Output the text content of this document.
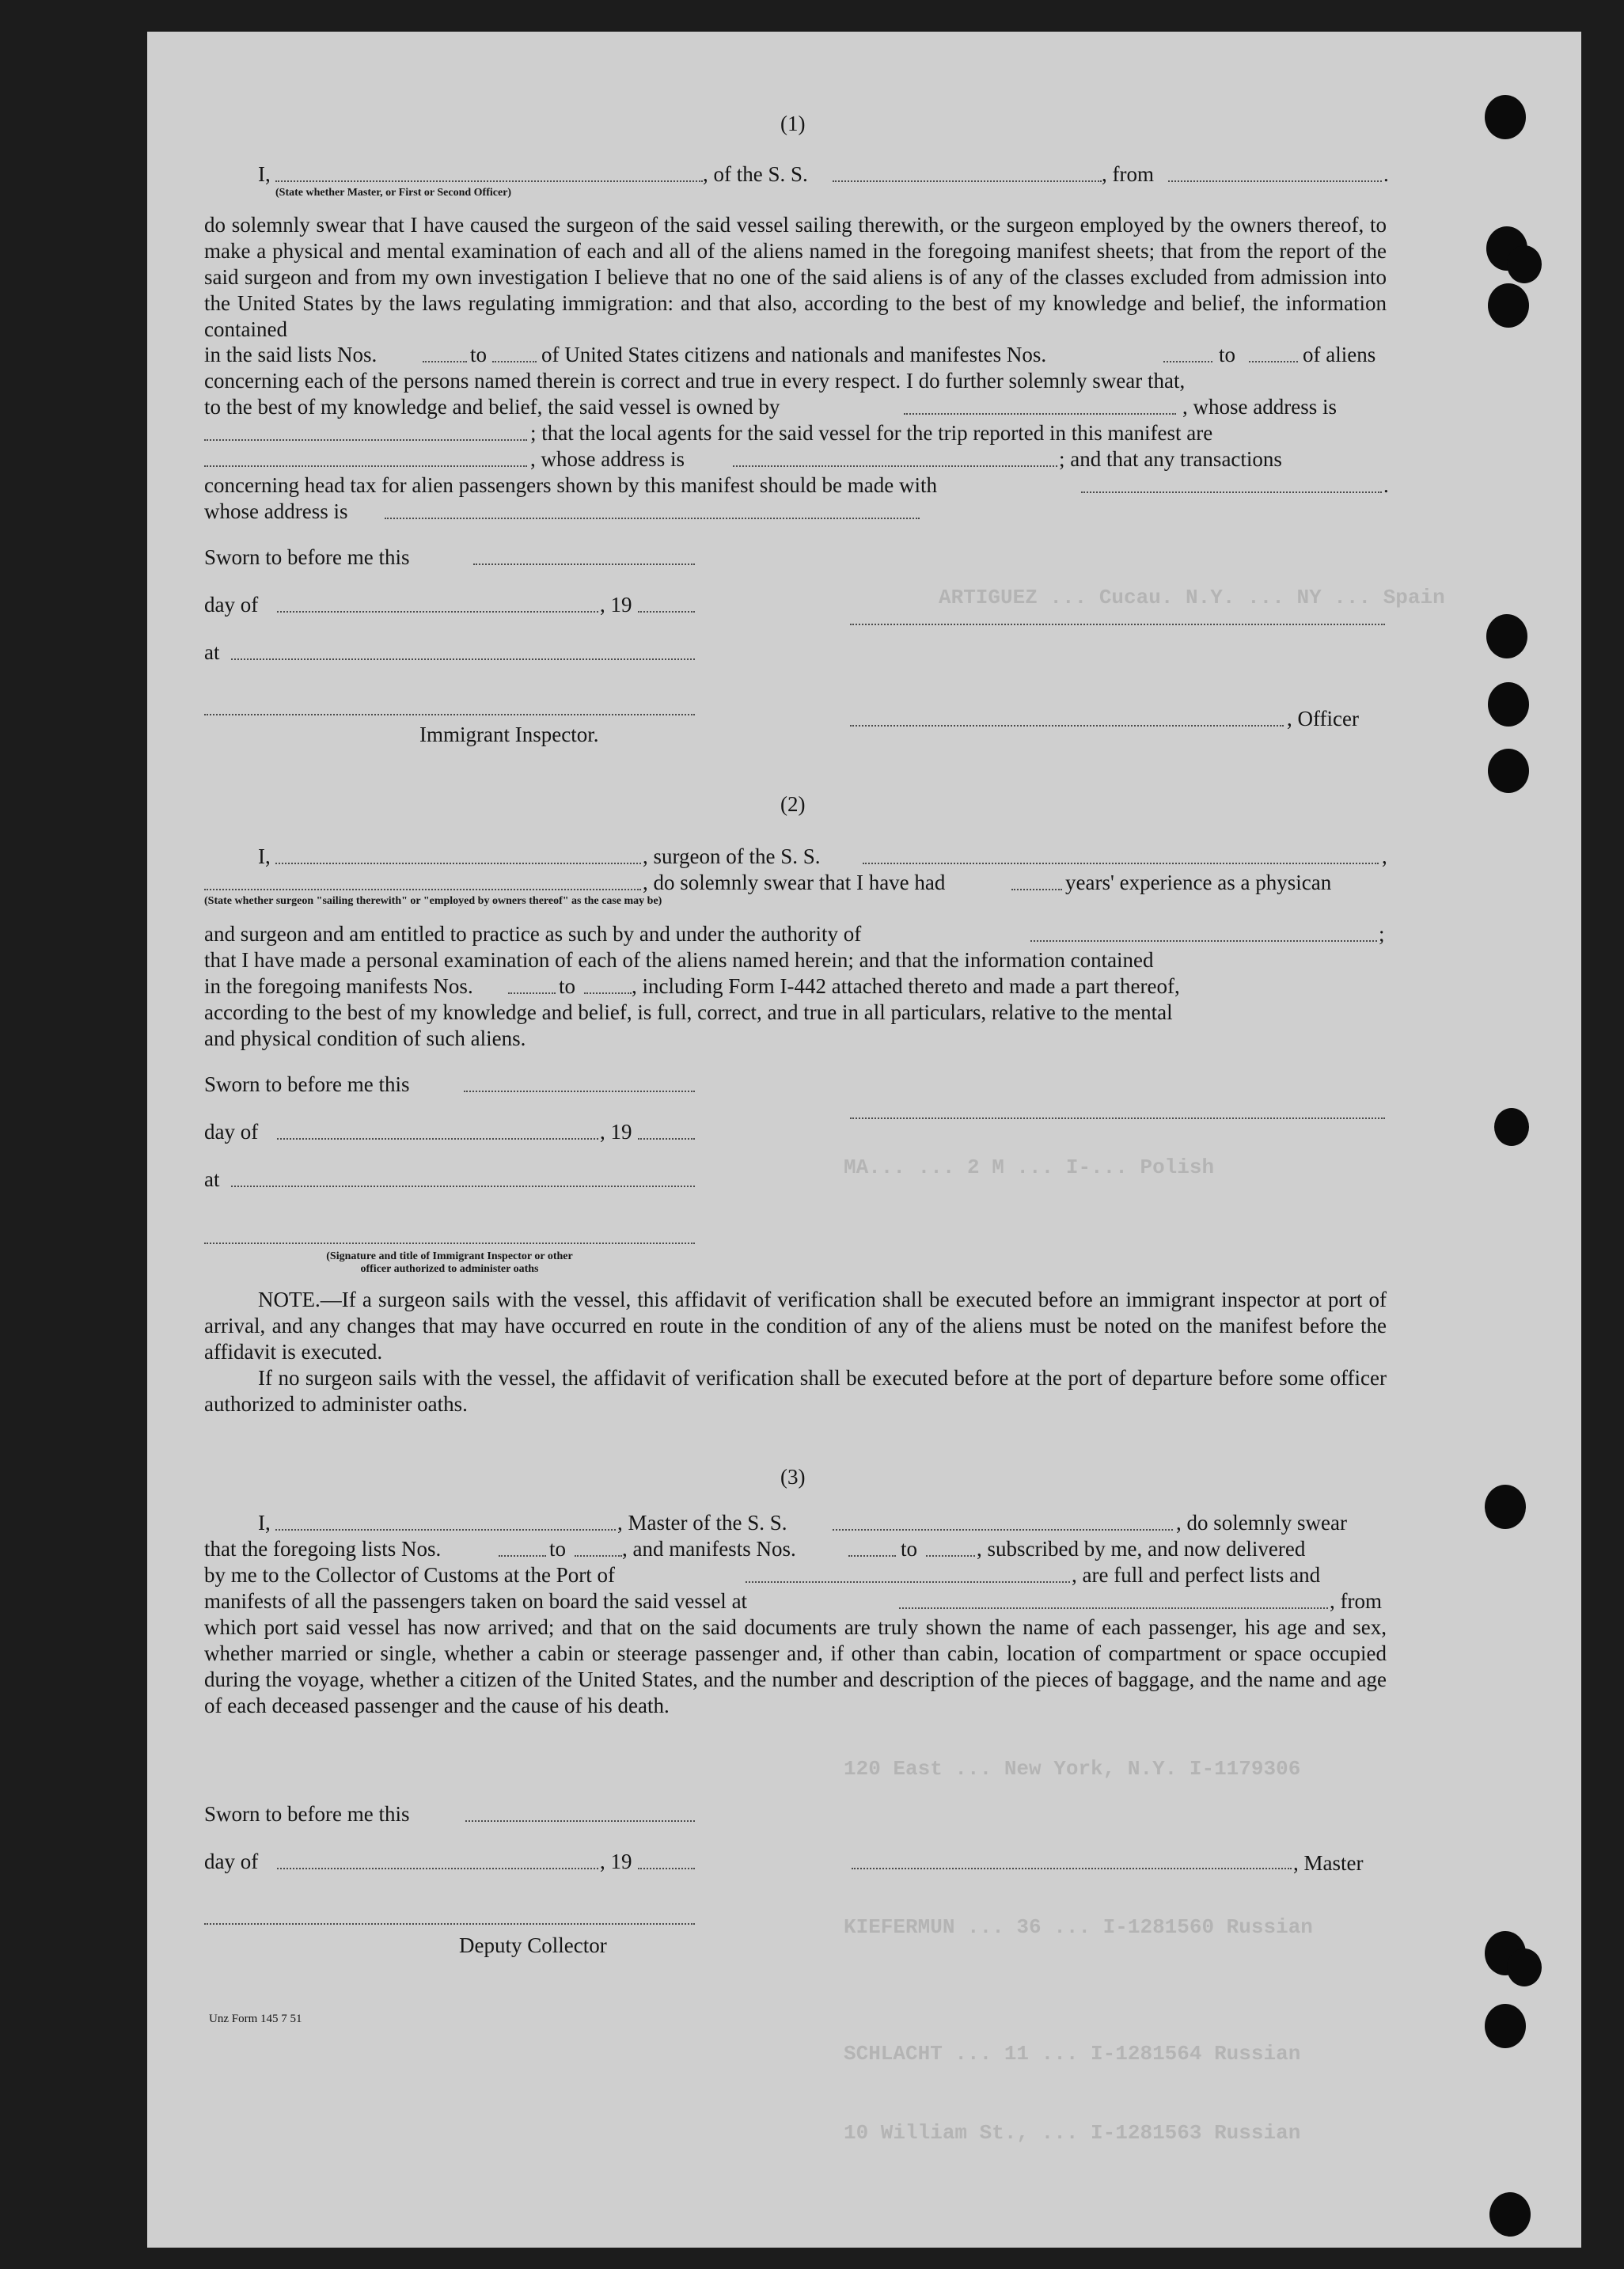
ARTIGUEZ ... Cucau. N.Y. ... NY ... Spain
MA... ... 2 M ... I-... Polish
120 East ... New York, N.Y. I-1179306
KIEFERMUN ... 36 ... I-1281560 Russian
SCHLACHT ... 11 ... I-1281564 Russian
10 William St., ... I-1281563 Russian
(1)
I,	, of the S. S.	, from	.
(State whether Master, or First or Second Officer)
do solemnly swear that I have caused the surgeon of the said vessel sailing therewith, or the surgeon employed by the owners thereof, to make a physical and mental examination of each and all of the aliens named in the foregoing manifest sheets; that from the report of the said surgeon and from my own investigation I believe that no one of the said aliens is of any of the classes excluded from admission into the United States by the laws regulating immigration: and that also, according to the best of my knowledge and belief, the information contained
in the said lists Nos.	to	of United States citizens and nationals and manifestes Nos.	to	of aliens
concerning each of the persons named therein is correct and true in every respect. I do further solemnly swear that,
to the best of my knowledge and belief, the said vessel is owned by	, whose address is
; that the local agents for the said vessel for the trip reported in this manifest are
, whose address is	; and that any transactions
concerning head tax for alien passengers shown by this manifest should be made with	.
whose address is
Sworn to before me this
day of	, 19
at
, Officer
Immigrant Inspector.
(2)
I,	, surgeon of the S. S.	,
, do solemnly swear that I have had	years' experience as a physican
(State whether surgeon "sailing therewith" or "employed by owners thereof" as the case may be)
and surgeon and am entitled to practice as such by and under the authority of	;
that I have made a personal examination of each of the aliens named herein; and that the information contained
in the foregoing manifests Nos.	to	, including Form I-442 attached thereto and made a part thereof,
according to the best of my knowledge and belief, is full, correct, and true in all particulars, relative to the mental
and physical condition of such aliens.
Sworn to before me this
day of	, 19
at
(Signature and title of Immigrant Inspector or other
officer authorized to administer oaths
NOTE.—If a surgeon sails with the vessel, this affidavit of verification shall be executed before an immigrant inspector at port of arrival, and any changes that may have occurred en route in the condition of any of the aliens must be noted on the manifest before the affidavit is executed.
If no surgeon sails with the vessel, the affidavit of verification shall be executed before at the port of departure before some officer authorized to administer oaths.
(3)
I,	, Master of the S. S.	, do solemnly swear
that the foregoing lists Nos.	to	, and manifests Nos.	to	, subscribed by me, and now delivered
by me to the Collector of Customs at the Port of	, are full and perfect lists and
manifests of all the passengers taken on board the said vessel at	, from
which port said vessel has now arrived; and that on the said documents are truly shown the name of each passenger, his age and sex, whether married or single, whether a cabin or steerage passenger and, if other than cabin, location of compartment or space occupied during the voyage, whether a citizen of the United States, and the number and description of the pieces of baggage, and the name and age of each deceased passenger and the cause of his death.
Sworn to before me this
day of	, 19	, Master
Deputy Collector
Unz Form 145 7 51
